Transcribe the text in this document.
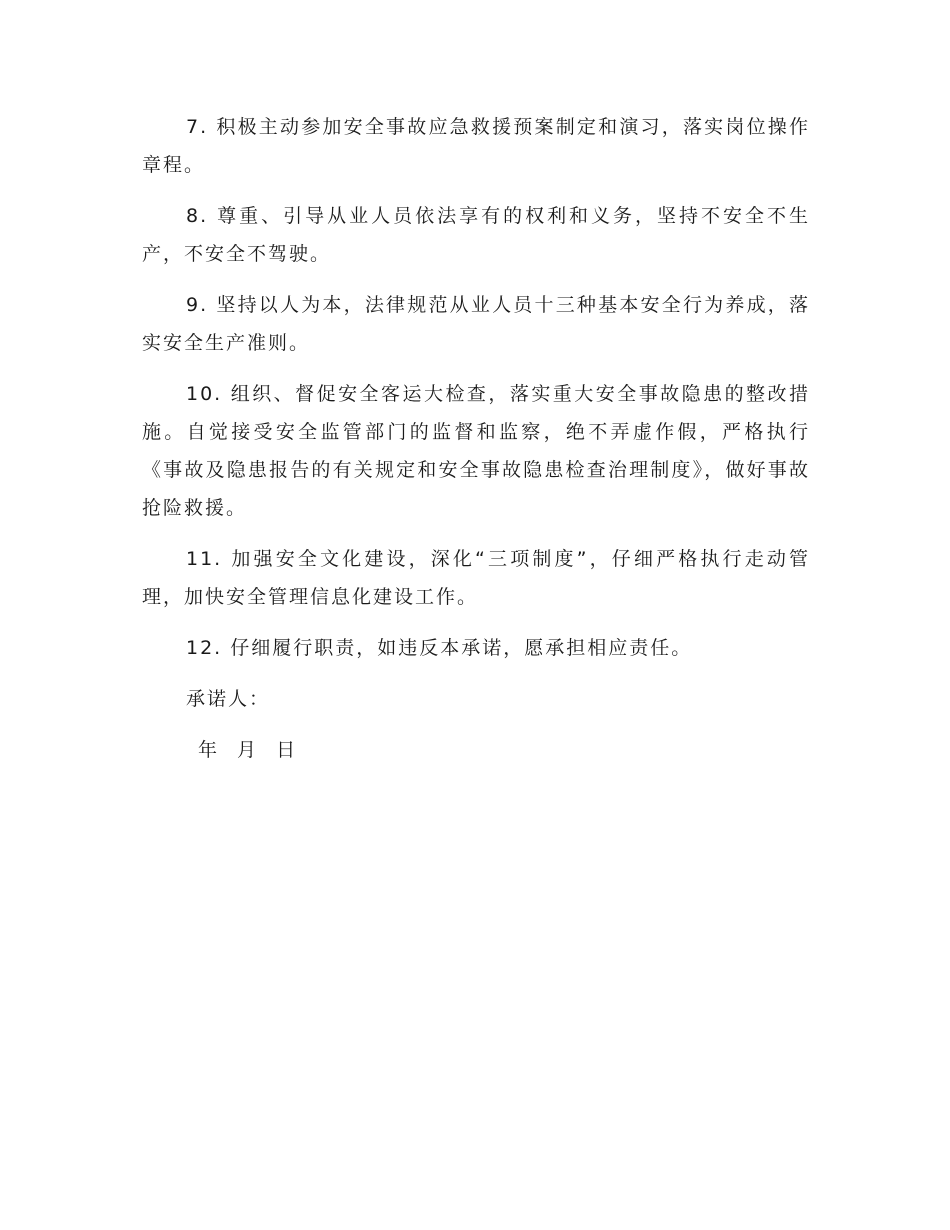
7. 积极主动参加安全事故应急救援预案制定和演习，落实岗位操作章程。

8. 尊重、引导从业人员依法享有的权利和义务，坚持不安全不生产，不安全不驾驶。

9. 坚持以人为本，法律规范从业人员十三种基本安全行为养成，落实安全生产准则。

10. 组织、督促安全客运大检查，落实重大安全事故隐患的整改措施。自觉接受安全监管部门的监督和监察，绝不弄虚作假，严格执行《事故及隐患报告的有关规定和安全事故隐患检查治理制度》，做好事故抢险救援。

11. 加强安全文化建设，深化“三项制度”，仔细严格执行走动管理，加快安全管理信息化建设工作。

12. 仔细履行职责，如违反本承诺，愿承担相应责任。

承诺人：

年 月 日
